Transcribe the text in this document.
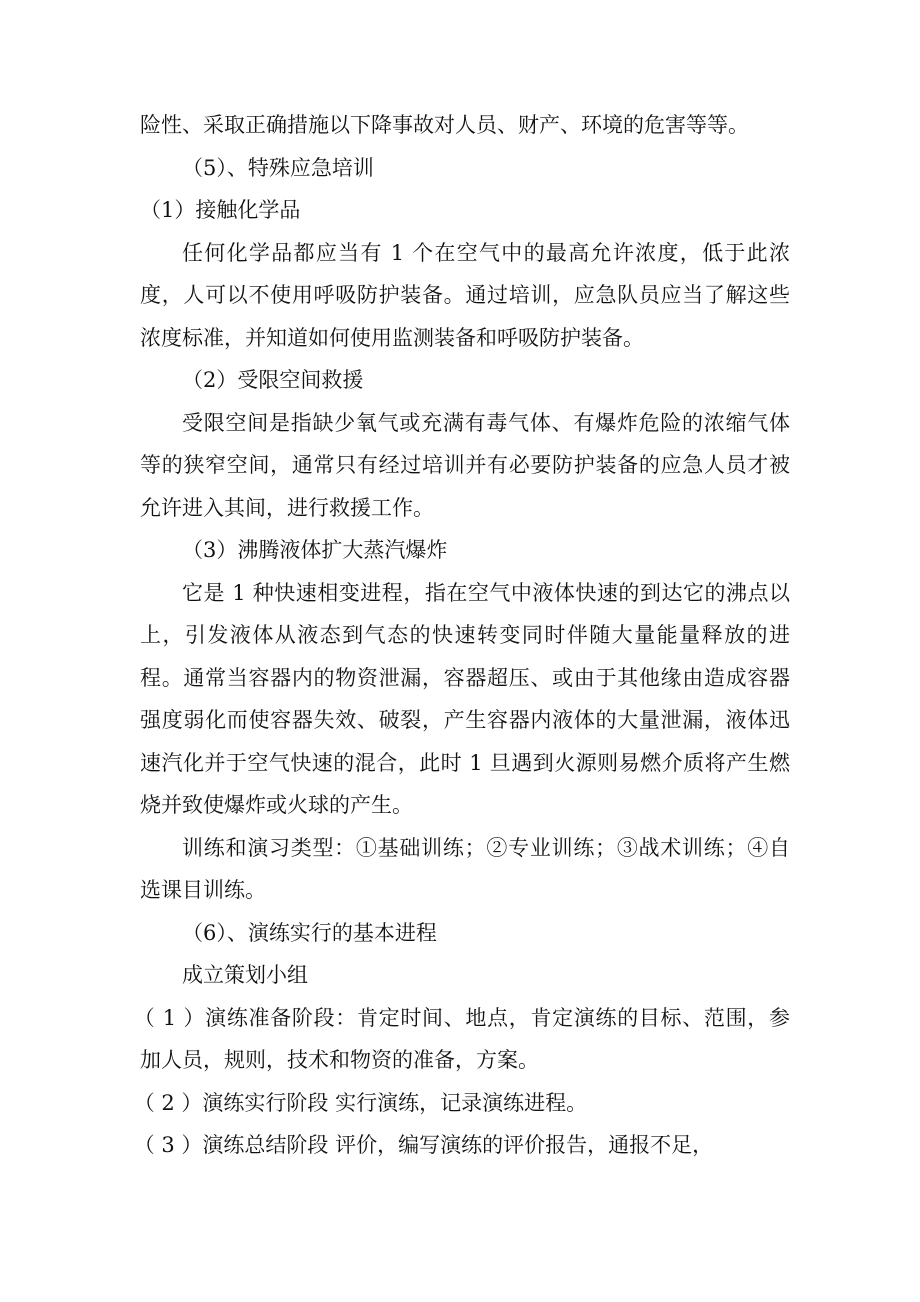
险性、采取正确措施以下降事故对人员、财产、环境的危害等等。

（5）、特殊应急培训

（1）接触化学品

任何化学品都应当有 1 个在空气中的最高允许浓度，低于此浓度，人可以不使用呼吸防护装备。通过培训，应急队员应当了解这些浓度标准，并知道如何使用监测装备和呼吸防护装备。

（2）受限空间救援

受限空间是指缺少氧气或充满有毒气体、有爆炸危险的浓缩气体等的狭窄空间，通常只有经过培训并有必要防护装备的应急人员才被允许进入其间，进行救援工作。

（3）沸腾液体扩大蒸汽爆炸

它是 1 种快速相变进程，指在空气中液体快速的到达它的沸点以上，引发液体从液态到气态的快速转变同时伴随大量能量释放的进程。通常当容器内的物资泄漏，容器超压、或由于其他缘由造成容器强度弱化而使容器失效、破裂，产生容器内液体的大量泄漏，液体迅速汽化并于空气快速的混合，此时 1 旦遇到火源则易燃介质将产生燃烧并致使爆炸或火球的产生。

训练和演习类型：①基础训练；②专业训练；③战术训练；④自选课目训练。

（6）、演练实行的基本进程

成立策划小组

（ 1 ）演练准备阶段：肯定时间、地点，肯定演练的目标、范围，参加人员，规则，技术和物资的准备，方案。

（ 2 ）演练实行阶段 实行演练，记录演练进程。

（ 3 ）演练总结阶段 评价，编写演练的评价报告，通报不足，
